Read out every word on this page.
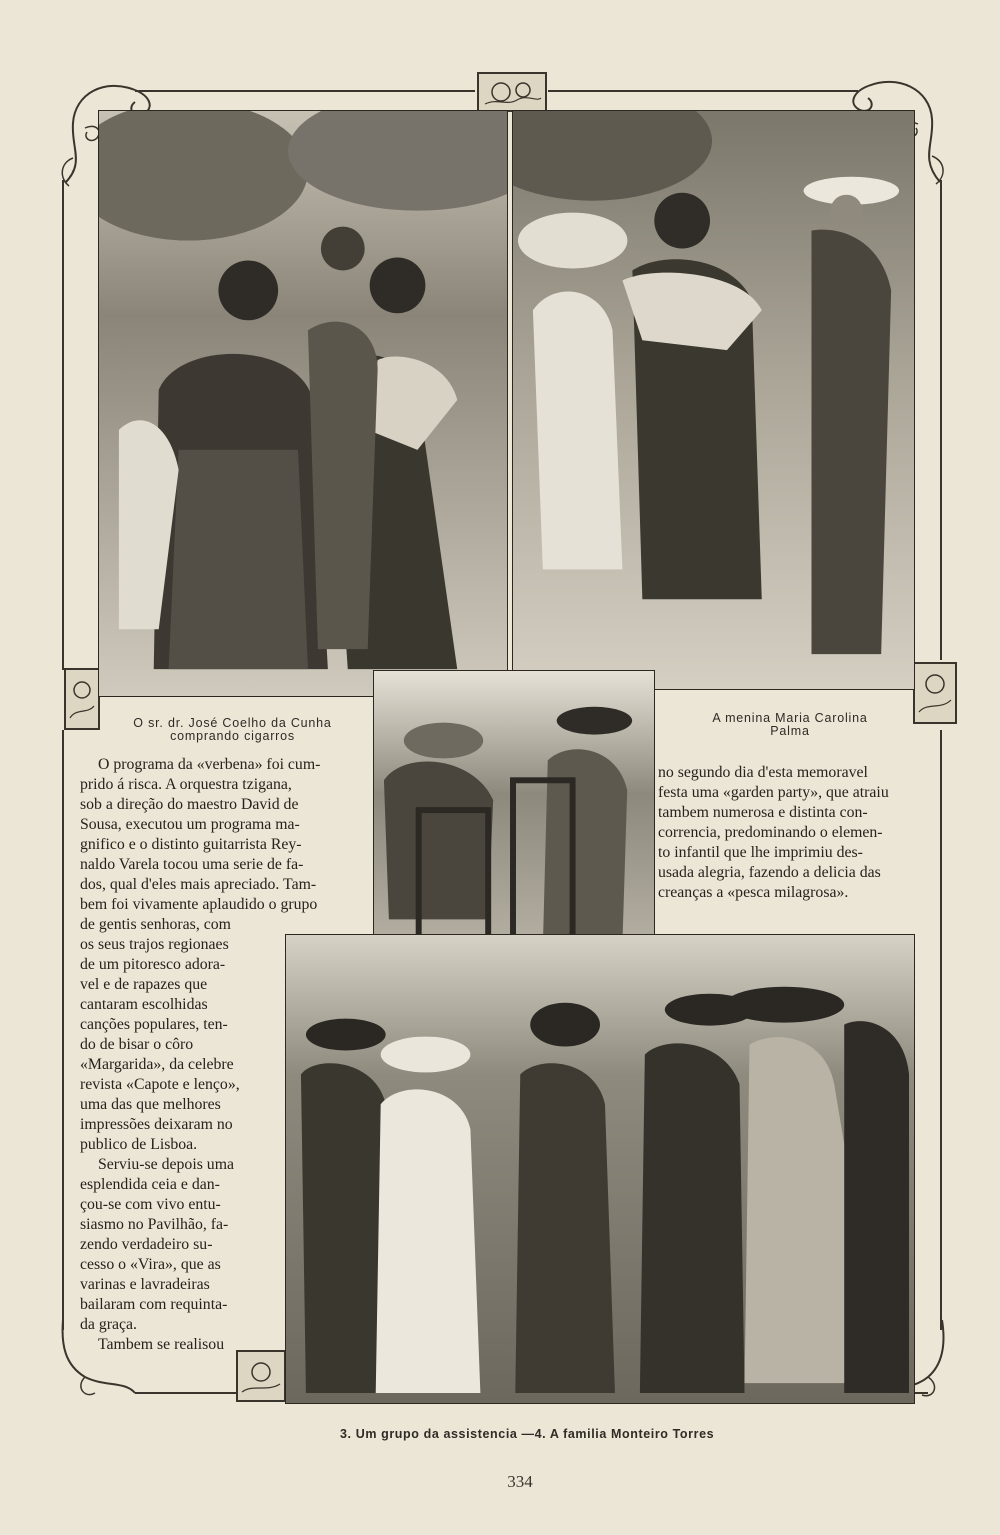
O sr. dr. José Coelho da Cunha
comprando cigarros
A menina Maria Carolina
Palma
3. Um grupo da assistencia —4. A familia Monteiro Torres
O programa da «verbena» foi cum-
prido á risca. A orquestra tzigana,
sob a direção do maestro David de
Sousa, executou um programa ma-
gnifico e o distinto guitarrista Rey-
naldo Varela tocou uma serie de fa-
dos, qual d'eles mais apreciado. Tam-
bem foi vivamente aplaudido o grupo
de gentis senhoras, com
os seus trajos regionaes
de um pitoresco adora-
vel e de rapazes que
cantaram escolhidas
canções populares, ten-
do de bisar o côro
«Margarida», da celebre
revista «Capote e lenço»,
uma das que melhores
impressões deixaram no
publico de Lisboa.
Serviu-se depois uma
esplendida ceia e dan-
çou-se com vivo entu-
siasmo no Pavilhão, fa-
zendo verdadeiro su-
cesso o «Vira», que as
varinas e lavradeiras
bailaram com requinta-
da graça.
Tambem se realisou
no segundo dia d'esta memoravel
festa uma «garden party», que atraiu
tambem numerosa e distinta con-
correncia, predominando o elemen-
to infantil que lhe imprimiu des-
usada alegria, fazendo a delicia das
creanças a «pesca milagrosa».
334
